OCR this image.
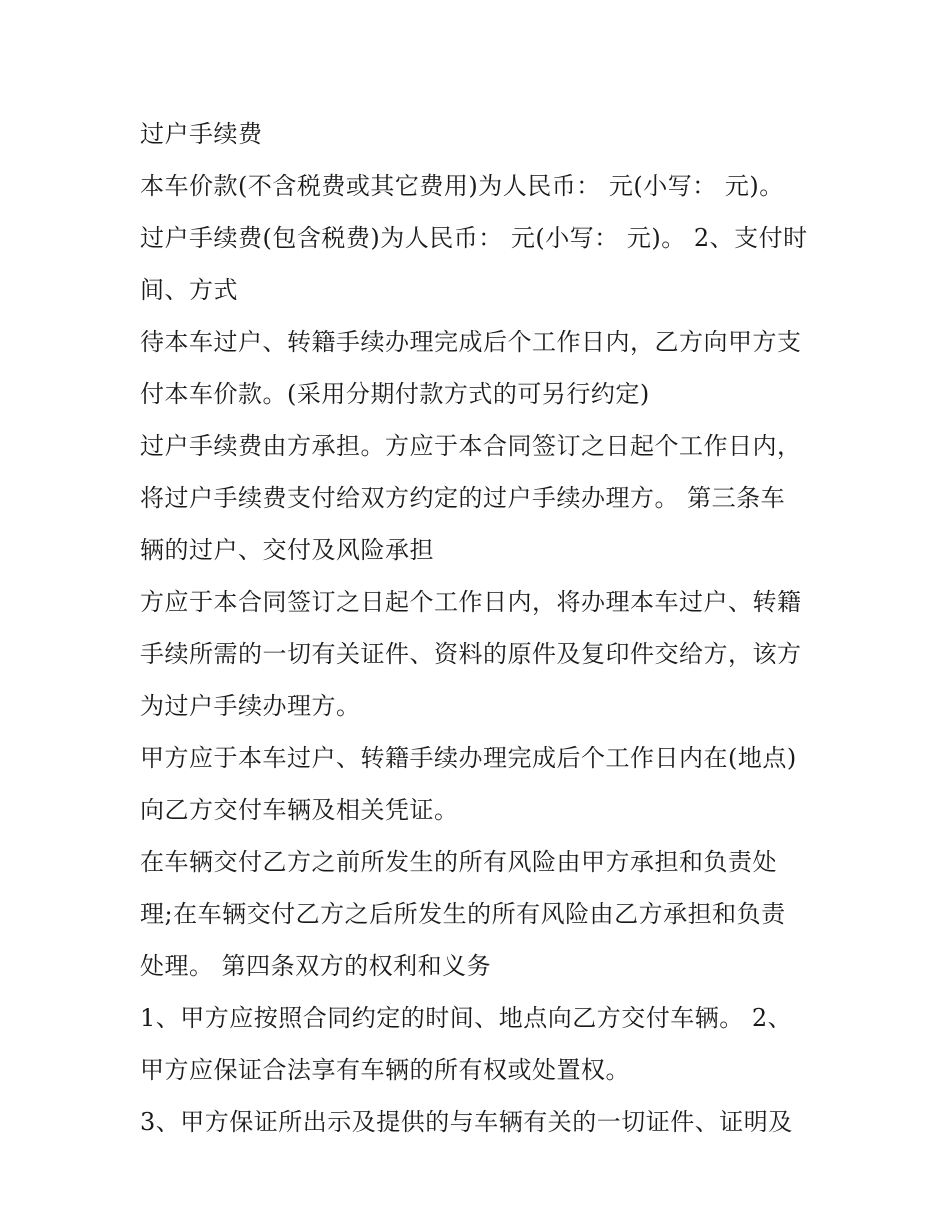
过户手续费
本车价款(不含税费或其它费用)为人民币： 元(小写： 元)。
过户手续费(包含税费)为人民币： 元(小写： 元)。 2、支付时
间、方式
待本车过户、转籍手续办理完成后个工作日内，乙方向甲方支
付本车价款。(采用分期付款方式的可另行约定)
过户手续费由方承担。方应于本合同签订之日起个工作日内，
将过户手续费支付给双方约定的过户手续办理方。 第三条车
辆的过户、交付及风险承担
方应于本合同签订之日起个工作日内，将办理本车过户、转籍
手续所需的一切有关证件、资料的原件及复印件交给方，该方
为过户手续办理方。
甲方应于本车过户、转籍手续办理完成后个工作日内在(地点)
向乙方交付车辆及相关凭证。
在车辆交付乙方之前所发生的所有风险由甲方承担和负责处
理;在车辆交付乙方之后所发生的所有风险由乙方承担和负责
处理。 第四条双方的权利和义务
1、甲方应按照合同约定的时间、地点向乙方交付车辆。 2、
甲方应保证合法享有车辆的所有权或处置权。
3、甲方保证所出示及提供的与车辆有关的一切证件、证明及
